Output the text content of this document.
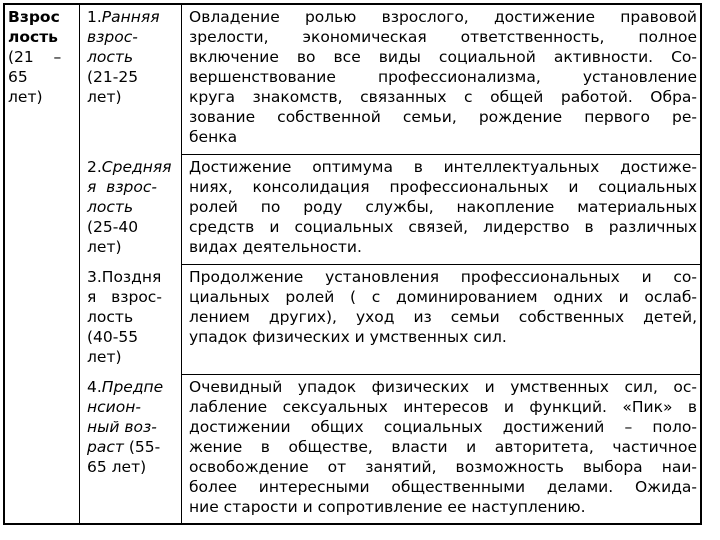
Взрос
лость
(21    –
65
лет)
1.Ранняя
взрос-
лость
(21-25
лет)
Овладение ролью взрослого, достижение правовой
зрелости, экономическая ответственность, полное
включение во все виды социальной активности. Со-
вершенствование профессионализма, установление
круга знакомств, связанных с общей работой. Обра-
зование собственной семьи, рождение первого ре-
бенка
2.Средняя
я  взрос-
лость
(25-40
лет)
Достижение оптимума в интеллектуальных достиже-
ниях, консолидация профессиональных и социальных
ролей по роду службы, накопление материальных
средств и социальных связей, лидерство в различных
видах деятельности.
3.Поздня
я   взрос-
лость
(40-55
лет)
Продолжение установления профессиональных и со-
циальных ролей ( с доминированием одних и ослаб-
лением других), уход из семьи собственных детей,
упадок физических и умственных сил.
4.Предпе
нсион-
ный воз-
раст (55-
65 лет)
Очевидный упадок физических и умственных сил, ос-
лабление сексуальных интересов и функций. «Пик» в
достижении общих социальных достижений – поло-
жение в обществе, власти и авторитета, частичное
освобождение от занятий, возможность выбора наи-
более интересными общественными делами. Ожида-
ние старости и сопротивление ее наступлению.
